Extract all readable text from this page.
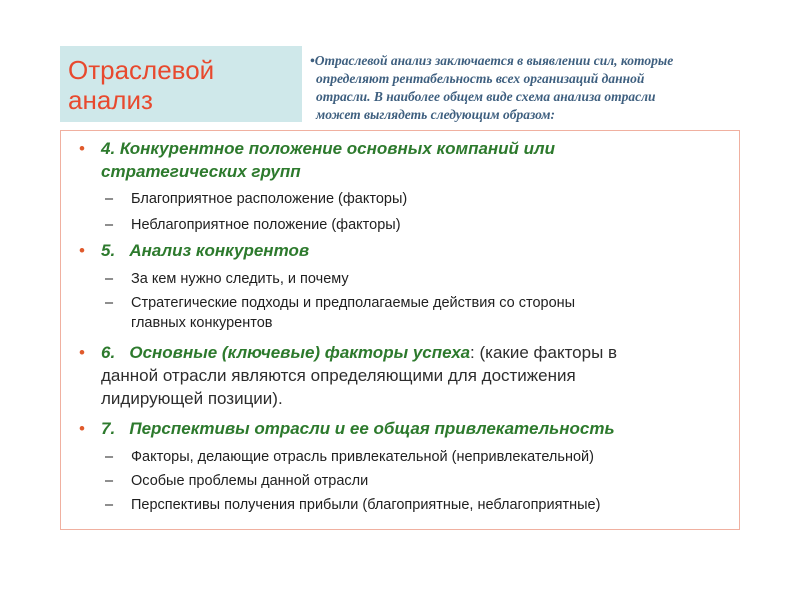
Отраслевой
анализ
•Отраслевой анализ заключается в выявлении сил, которые
определяют рентабельность всех организаций данной
отрасли. В наиболее общем виде схема анализа отрасли
может выглядеть следующим образом:
• 4. Конкурентное положение основных компаний или
стратегических групп
– Благоприятное расположение (факторы)
– Неблагоприятное положение (факторы)
• 5.   Анализ конкурентов
– За кем нужно следить, и почему
– Стратегические подходы и предполагаемые действия со стороны
главных конкурентов
• 6.   Основные (ключевые) факторы успеха: (какие факторы в
данной отрасли являются определяющими для достижения
лидирующей позиции).
• 7.   Перспективы отрасли и ее общая привлекательность
– Факторы, делающие отрасль привлекательной (непривлекательной)
– Особые проблемы данной отрасли
– Перспективы получения прибыли (благоприятные, неблагоприятные)
